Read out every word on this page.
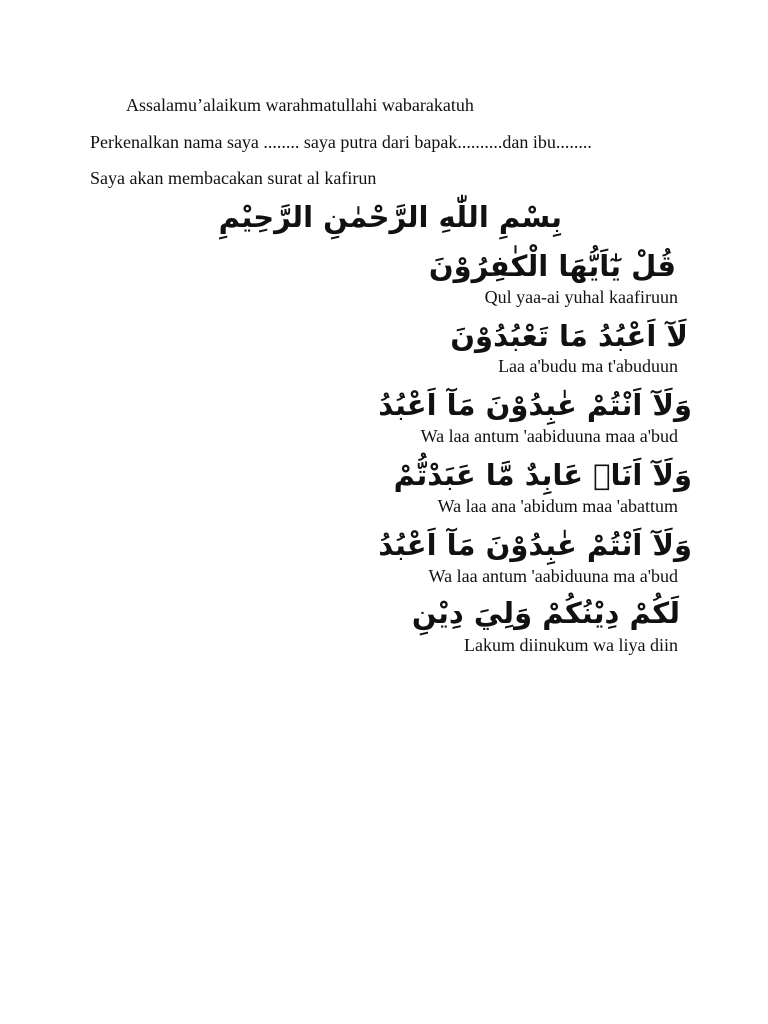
Assalamu’alaikum warahmatullahi wabarakatuh
Perkenalkan nama saya ........ saya putra dari bapak..........dan ibu........
Saya akan membacakan surat al kafirun
بِسْمِ اللّٰهِ الرَّحْمٰنِ الرَّحِيْمِ
قُلْ يٰٓاَيُّهَا الْكٰفِرُوْنَ
Qul yaa-ai yuhal kaafiruun
لَآ اَعْبُدُ مَا تَعْبُدُوْنَ
Laa a'budu ma t'abuduun
وَلَآ اَنْتُمْ عٰبِدُوْنَ مَآ اَعْبُدُ
Wa laa antum 'aabiduuna maa a'bud
وَلَآ اَنَا۠ عَابِدٌ مَّا عَبَدْتُّمْ
Wa laa ana 'abidum maa 'abattum
وَلَآ اَنْتُمْ عٰبِدُوْنَ مَآ اَعْبُدُ
Wa laa antum 'aabiduuna ma a'bud
لَكُمْ دِيْنُكُمْ وَلِيَ دِيْنِ
Lakum diinukum wa liya diin
